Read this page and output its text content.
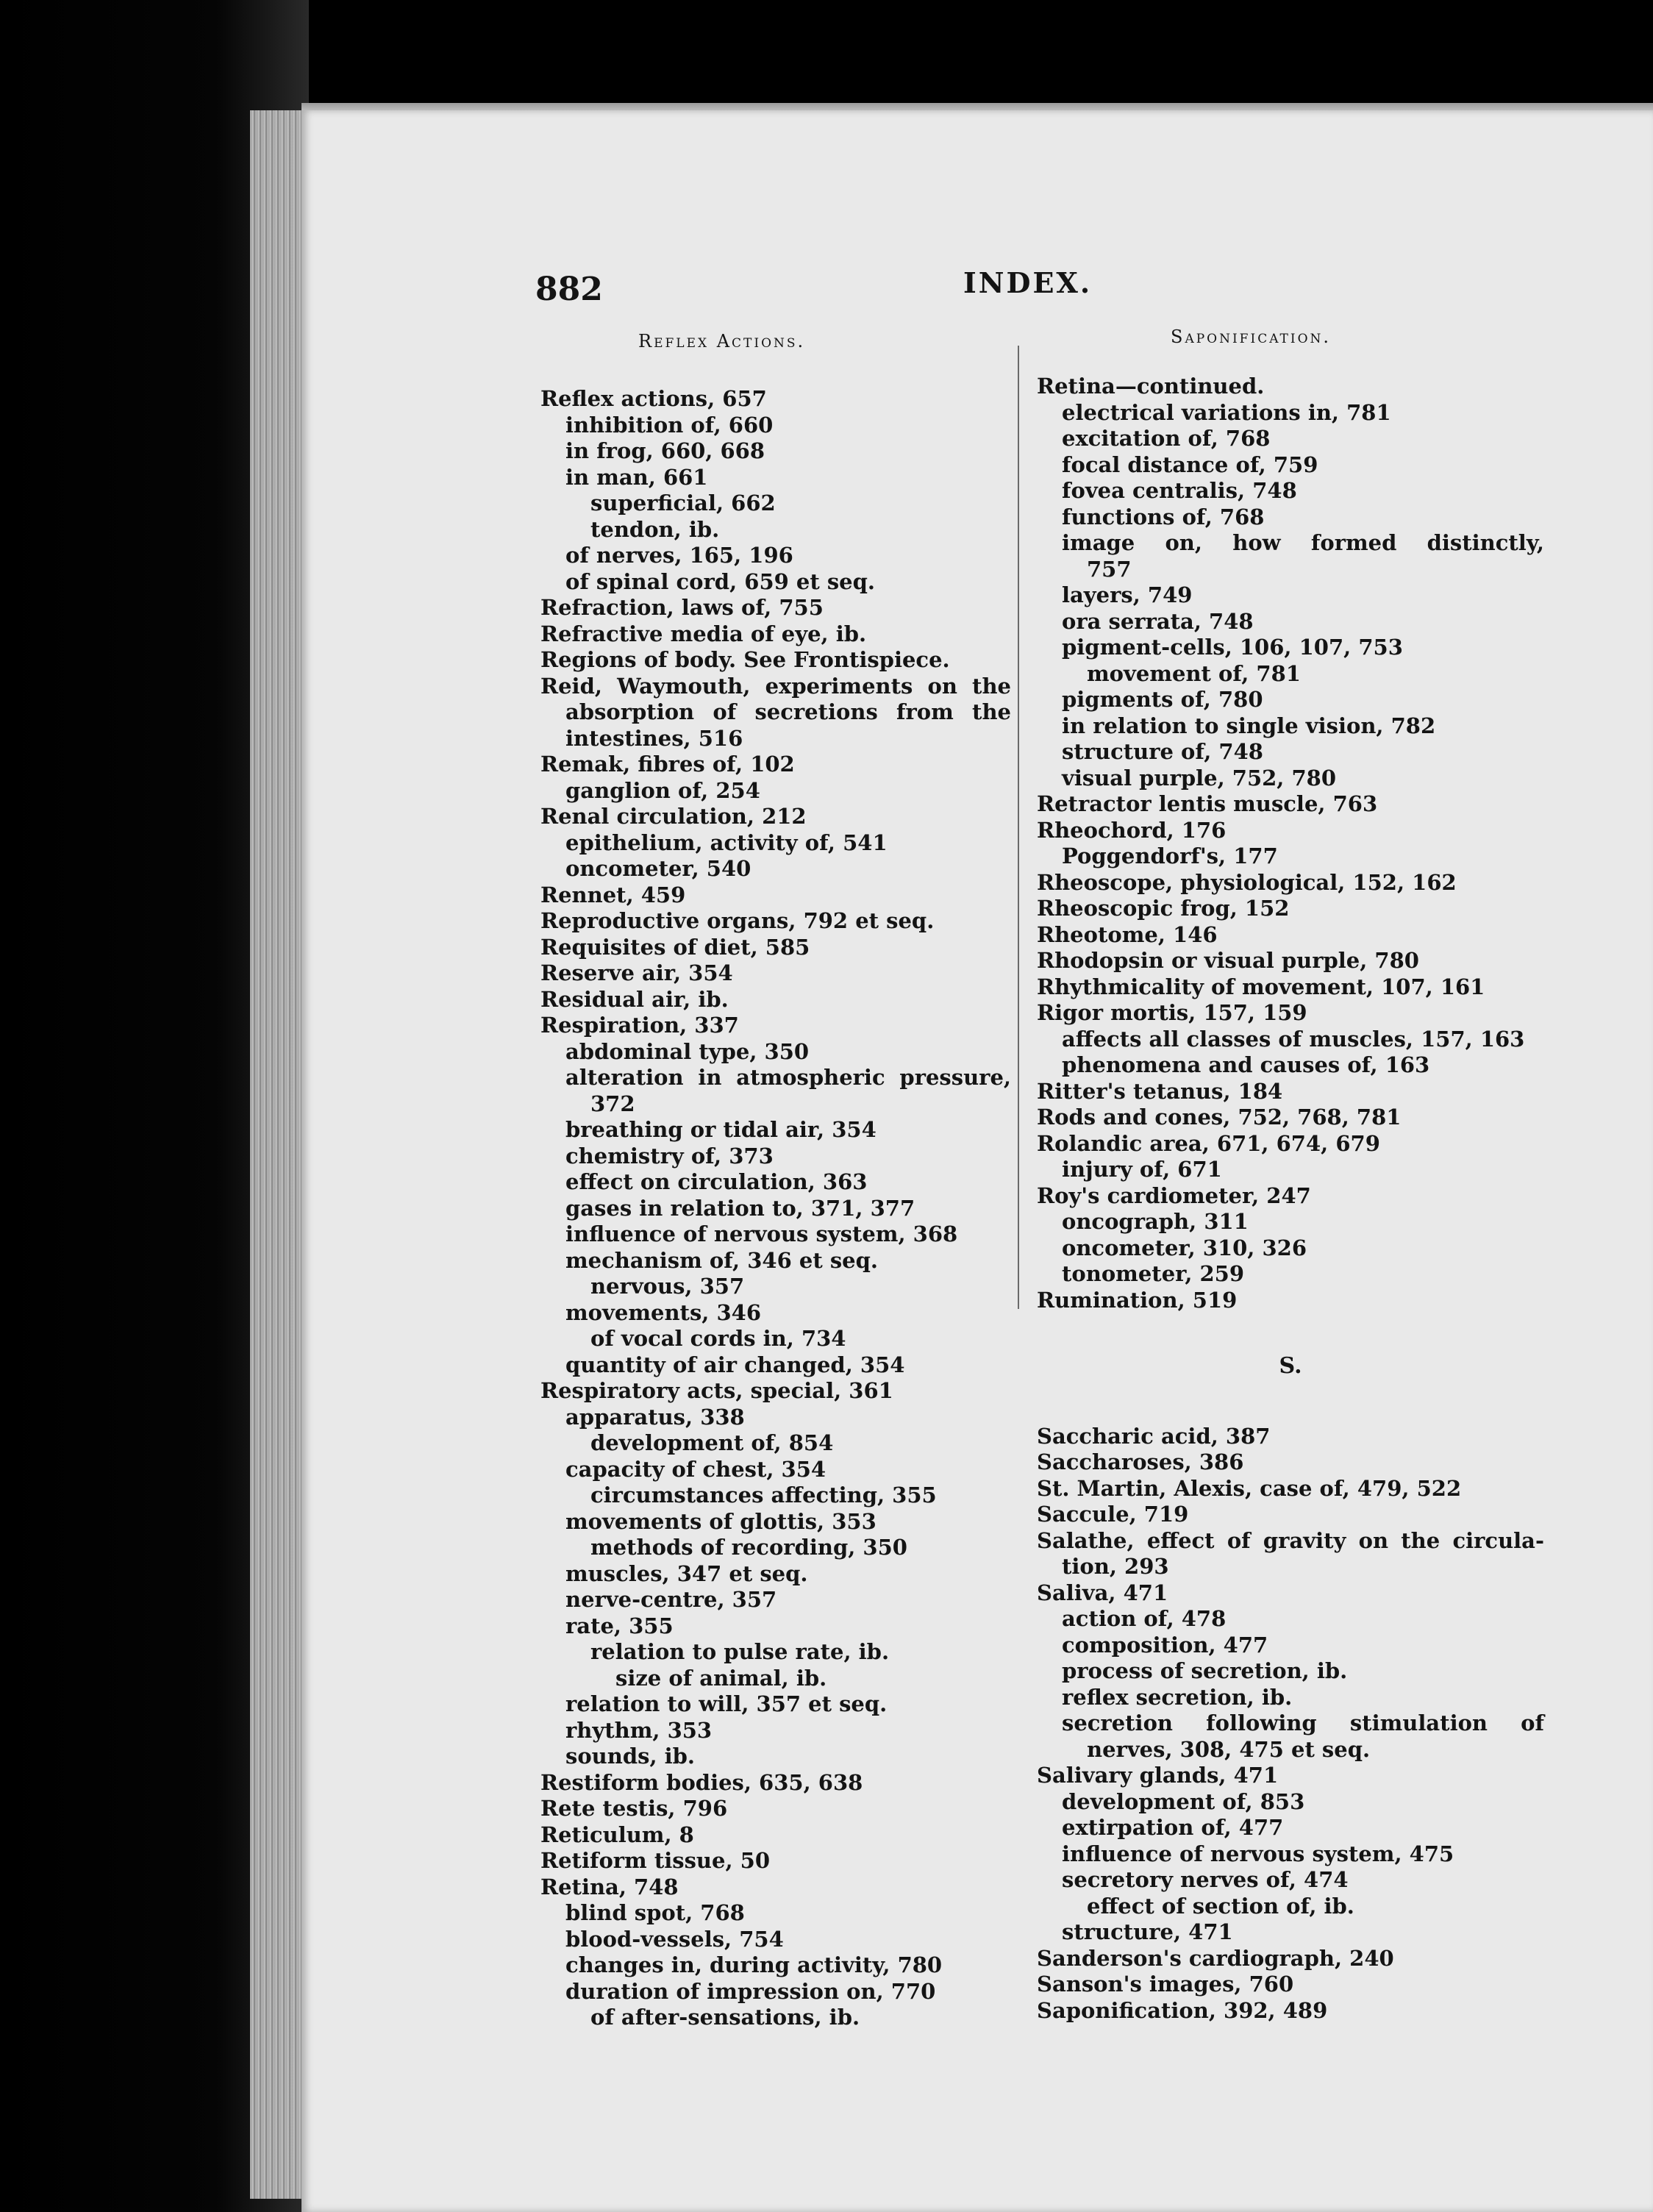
882	INDEX.
Reflex Actions.	Saponification.
Reflex actions, 657
inhibition of, 660
in frog, 660, 668
in man, 661
superficial, 662
tendon, ib.
of nerves, 165, 196
of spinal cord, 659 et seq.
Refraction, laws of, 755
Refractive media of eye, ib.
Regions of body. See Frontispiece.
Reid, Waymouth, experiments on the
absorption of secretions from the
intestines, 516
Remak, fibres of, 102
ganglion of, 254
Renal circulation, 212
epithelium, activity of, 541
oncometer, 540
Rennet, 459
Reproductive organs, 792 et seq.
Requisites of diet, 585
Reserve air, 354
Residual air, ib.
Respiration, 337
abdominal type, 350
alteration in atmospheric pressure,
372
breathing or tidal air, 354
chemistry of, 373
effect on circulation, 363
gases in relation to, 371, 377
influence of nervous system, 368
mechanism of, 346 et seq.
nervous, 357
movements, 346
of vocal cords in, 734
quantity of air changed, 354
Respiratory acts, special, 361
apparatus, 338
development of, 854
capacity of chest, 354
circumstances affecting, 355
movements of glottis, 353
methods of recording, 350
muscles, 347 et seq.
nerve-centre, 357
rate, 355
relation to pulse rate, ib.
size of animal, ib.
relation to will, 357 et seq.
rhythm, 353
sounds, ib.
Restiform bodies, 635, 638
Rete testis, 796
Reticulum, 8
Retiform tissue, 50
Retina, 748
blind spot, 768
blood-vessels, 754
changes in, during activity, 780
duration of impression on, 770
of after-sensations, ib.
Retina—continued.
electrical variations in, 781
excitation of, 768
focal distance of, 759
fovea centralis, 748
functions of, 768
image on, how formed distinctly,
757
layers, 749
ora serrata, 748
pigment-cells, 106, 107, 753
movement of, 781
pigments of, 780
in relation to single vision, 782
structure of, 748
visual purple, 752, 780
Retractor lentis muscle, 763
Rheochord, 176
Poggendorf's, 177
Rheoscope, physiological, 152, 162
Rheoscopic frog, 152
Rheotome, 146
Rhodopsin or visual purple, 780
Rhythmicality of movement, 107, 161
Rigor mortis, 157, 159
affects all classes of muscles, 157, 163
phenomena and causes of, 163
Ritter's tetanus, 184
Rods and cones, 752, 768, 781
Rolandic area, 671, 674, 679
injury of, 671
Roy's cardiometer, 247
oncograph, 311
oncometer, 310, 326
tonometer, 259
Rumination, 519
S.
Saccharic acid, 387
Saccharoses, 386
St. Martin, Alexis, case of, 479, 522
Saccule, 719
Salathe, effect of gravity on the circula-
tion, 293
Saliva, 471
action of, 478
composition, 477
process of secretion, ib.
reflex secretion, ib.
secretion following stimulation of
nerves, 308, 475 et seq.
Salivary glands, 471
development of, 853
extirpation of, 477
influence of nervous system, 475
secretory nerves of, 474
effect of section of, ib.
structure, 471
Sanderson's cardiograph, 240
Sanson's images, 760
Saponification, 392, 489
